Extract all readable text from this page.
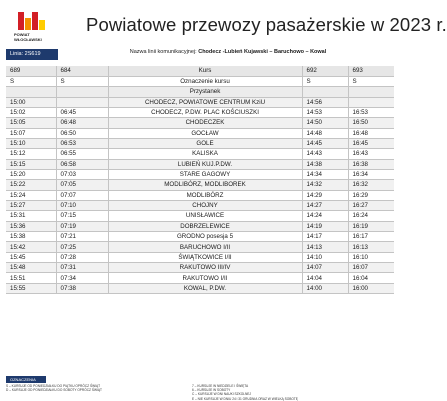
POWIAT
WŁOCŁAWSKI
Powiatowe przewozy pasażerskie w 2023 r.
Linia: 2S619	Nazwa linii komunikacyjnej: Chodecz -Lubień Kujawski – Baruchowo – Kowal
689	684	Kurs	692	693
S	S	Oznaczenie kursu	S	S
		Przystanek		
15:00		CHODECZ, POWIATOWE CENTRUM KziU	14:56	
15:02	06:45	CHODECZ, P.DW. PLAC KOŚCIUSZKI	14:53	16:53
15:05	06:48	CHODECZEK	14:50	16:50
15:07	06:50	GOCŁAW	14:48	16:48
15:10	06:53	GOLE	14:45	16:45
15:12	06:55	KALISKA	14:43	16:43
15:15	06:58	LUBIEŃ KUJ.P.DW.	14:38	16:38
15:20	07:03	STARE GAGOWY	14:34	16:34
15:22	07:05	MODLIBÓRZ, MODLIBOREK	14:32	16:32
15:24	07:07	MODLIBÓRZ	14:29	16:29
15:27	07:10	CHOJNY	14:27	16:27
15:31	07:15	UNISŁAWICE	14:24	16:24
15:36	07:19	DOBRZELEWICE	14:19	16:19
15:38	07:21	GRODNO posesja 5	14:17	16:17
15:42	07:25	BARUCHOWO I/II	14:13	16:13
15:45	07:28	ŚWIĄTKOWICE I/II	14:10	16:10
15:48	07:31	RAKUTOWO III/IV	14:07	16:07
15:51	07:34	RAKUTOWO I/II	14:04	16:04
15:55	07:38	KOWAL, P.DW.	14:00	16:00
OZNACZENIA
S – KURSUJE OD PONIEDZIAŁKU DO PIĄTKU OPRÓCZ ŚWIĄT
D – KURSUJE OD PONIEDZIAŁKU DO SOBOTY OPRÓCZ ŚWIĄT
7 – KURSUJE W NIEDZIELE I ŚWIĘTA
6 – KURSUJE W SOBOTY
C – KURSUJE W DNI NAUKI SZKOLNEJ
E – NIE KURSUJE W DNIU 24 i 31 GRUDNIA ORAZ W WIELKĄ SOBOTĘ
